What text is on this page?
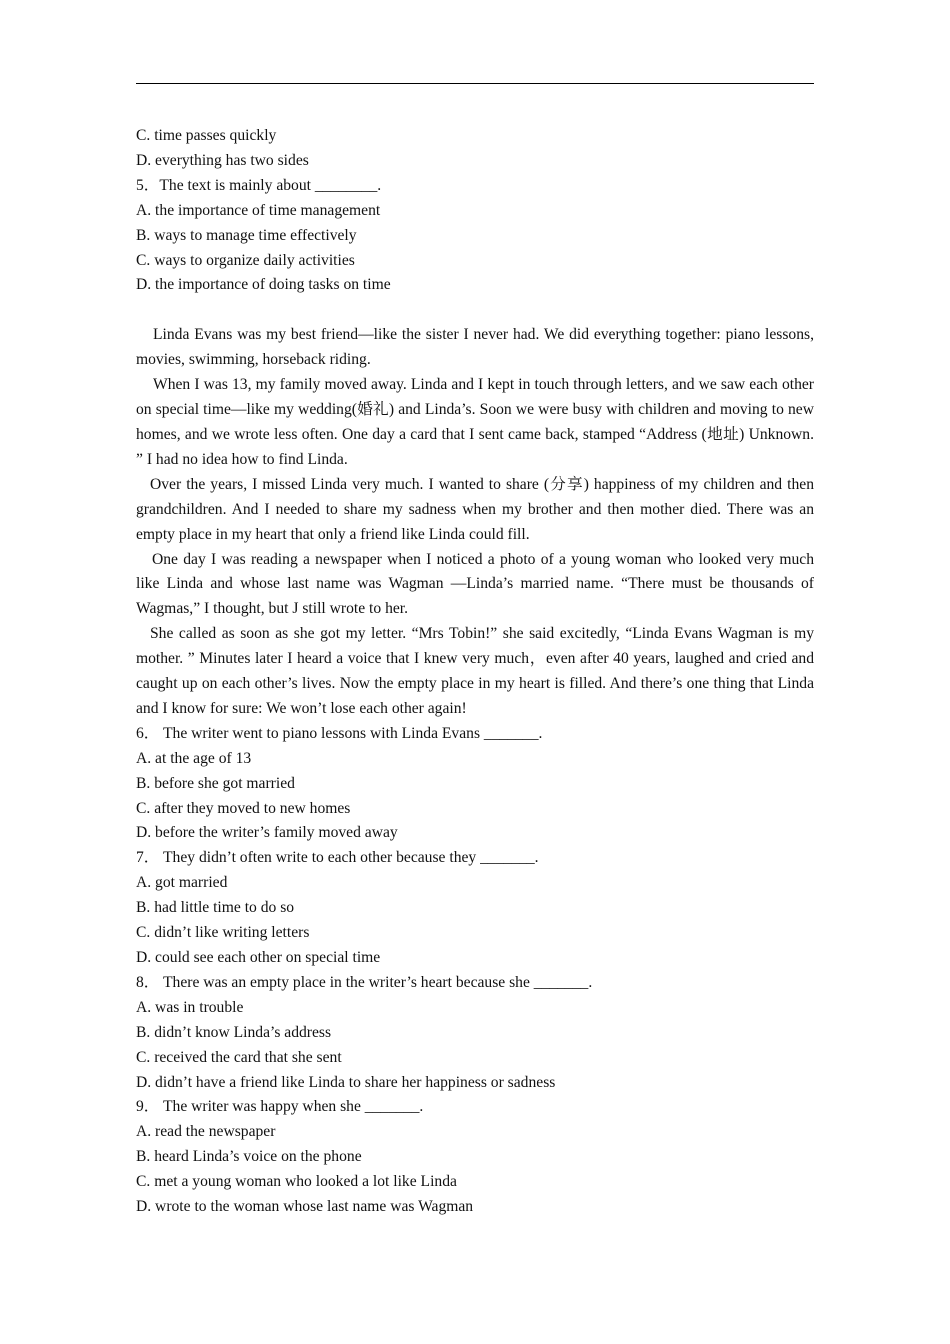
C. time passes quickly
D. everything has two sides
5．The text is mainly about ________.
A. the importance of time management
B. ways to manage time effectively
C. ways to organize daily activities
D. the importance of doing tasks on time
Linda Evans was my best friend—like the sister I never had. We did everything together: piano lessons, movies, swimming, horseback riding.
When I was 13, my family moved away. Linda and I kept in touch through letters, and we saw each other on special time—like my wedding(婚礼) and Linda’s. Soon we were busy with children and moving to new homes, and we wrote less often. One day a card that I sent came back, stamped “Address (地址) Unknown. ” I had no idea how to find Linda.
Over the years, I missed Linda very much. I wanted to share (分享) happiness of my children and then grandchildren. And I needed to share my sadness when my brother and then mother died. There was an empty place in my heart that only a friend like Linda could fill.
One day I was reading a newspaper when I noticed a photo of a young woman who looked very much like Linda and whose last name was Wagman —Linda’s married name. “There must be thousands of Wagmas,” I thought, but J still wrote to her.
She called as soon as she got my letter. “Mrs Tobin!” she said excitedly, “Linda Evans Wagman is my mother. ” Minutes later I heard a voice that I knew very much，even after 40 years, laughed and cried and caught up on each other’s lives. Now the empty place in my heart is filled. And there’s one thing that Linda and I know for sure: We won’t lose each other again!
6． The writer went to piano lessons with Linda Evans _______.
A. at the age of 13
B. before she got married
C. after they moved to new homes
D. before the writer’s family moved away
7． They didn’t often write to each other because they _______.
A. got married
B. had little time to do so
C. didn’t like writing letters
D. could see each other on special time
8． There was an empty place in the writer’s heart because she _______.
A. was in trouble
B. didn’t know Linda’s address
C. received the card that she sent
D. didn’t have a friend like Linda to share her happiness or sadness
9． The writer was happy when she _______.
A. read the newspaper
B. heard Linda’s voice on the phone
C. met a young woman who looked a lot like Linda
D. wrote to the woman whose last name was Wagman
